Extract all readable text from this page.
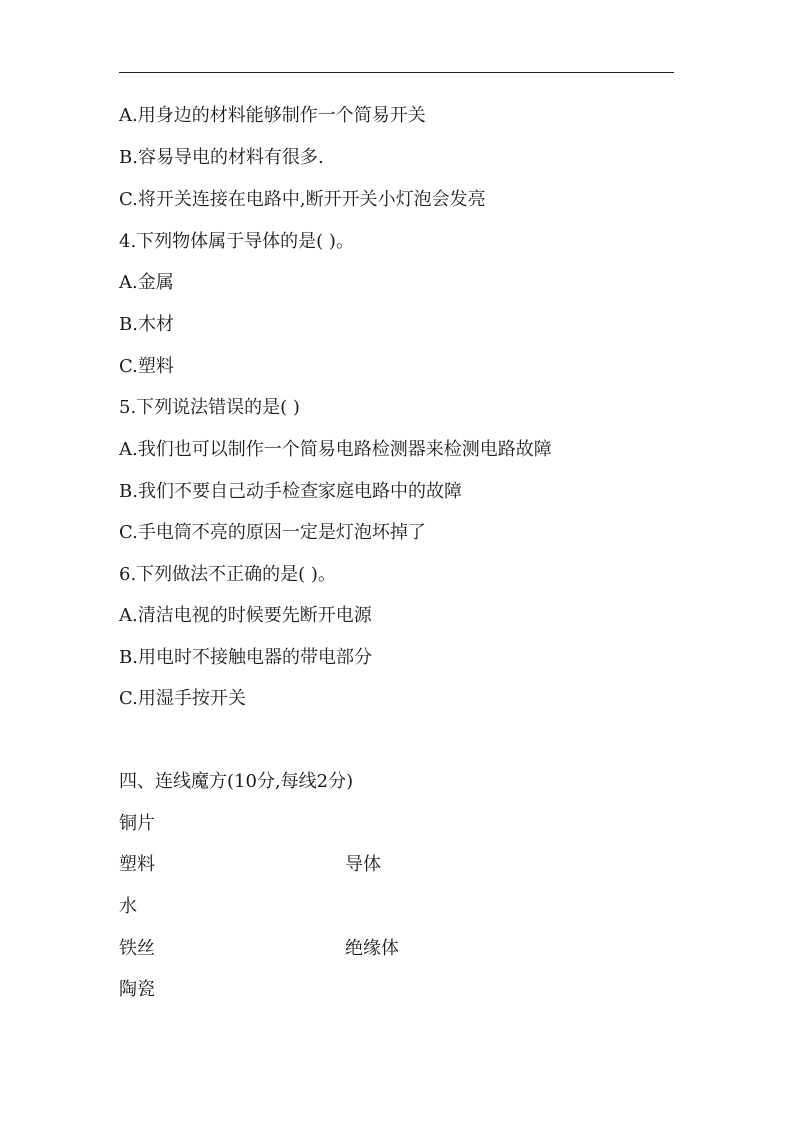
A.用身边的材料能够制作一个简易开关
B.容易导电的材料有很多.
C.将开关连接在电路中,断开开关小灯泡会发亮
4.下列物体属于导体的是( )。
A.金属
B.木材
C.塑料
5.下列说法错误的是( )
A.我们也可以制作一个简易电路检测器来检测电路故障
B.我们不要自己动手检查家庭电路中的故障
C.手电筒不亮的原因一定是灯泡坏掉了
6.下列做法不正确的是( )。
A.清洁电视的时候要先断开电源
B.用电时不接触电器的带电部分
C.用湿手按开关
四、连线魔方(10分,每线2分)
铜片
塑料
水
铁丝
陶瓷
导体
绝缘体
